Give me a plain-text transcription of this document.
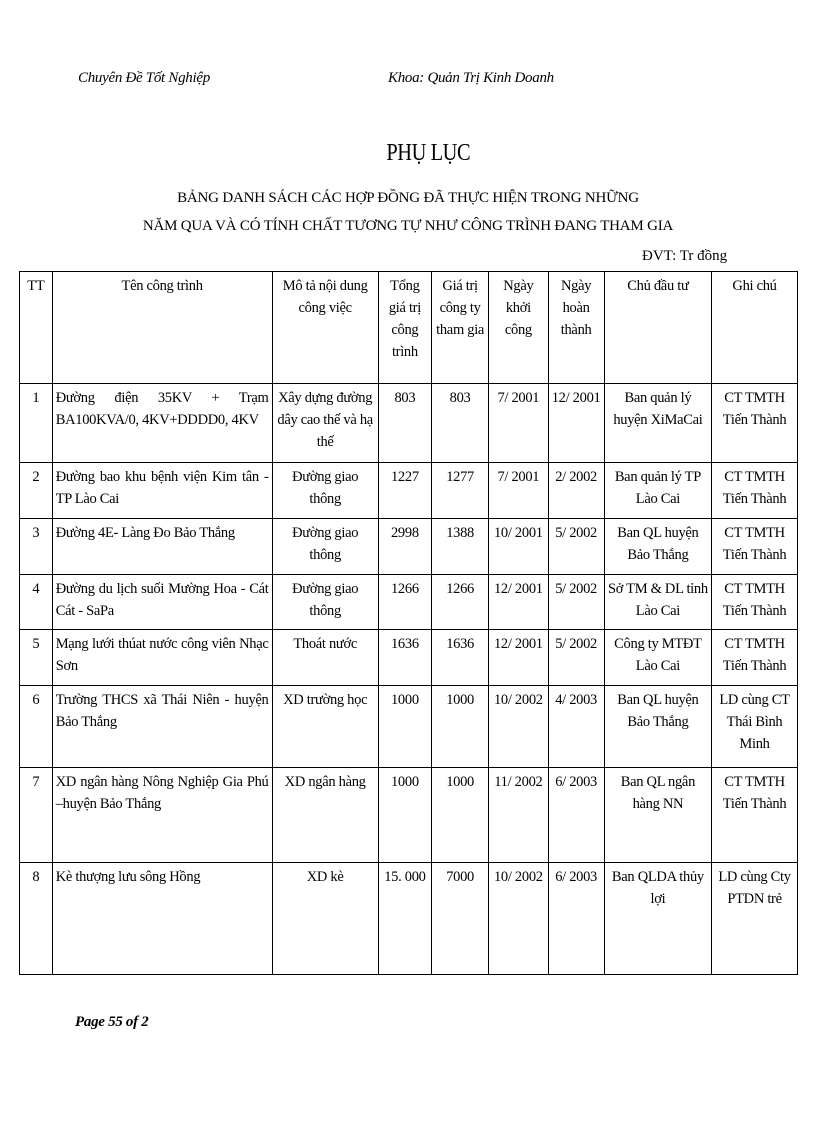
Chuyên Đề Tốt Nghiệp	Khoa: Quản Trị Kinh Doanh
PHỤ LỤC
BẢNG DANH SÁCH CÁC HỢP ĐỒNG ĐÃ THỰC HIỆN TRONG NHỮNG
NĂM QUA VÀ CÓ TÍNH CHẤT TƯƠNG TỰ NHƯ CÔNG TRÌNH ĐANG THAM GIA
ĐVT: Tr đồng
TT	Tên công trình	Mô tả nội dung công việc	Tổng giá trị công trình	Giá trị công ty tham gia	Ngày khởi công	Ngày hoàn thành	Chủ đầu tư	Ghi chú
1	Đường điện 35KV + Trạm BA100KVA/0, 4KV+DDDD0, 4KV	Xây dựng đường dây cao thế và hạ thế	803	803	7/ 2001	12/ 2001	Ban quản lý huyện XiMaCai	CT TMTH Tiến Thành
2	Đường bao khu bệnh viện Kim tân - TP Lào Cai	Đường giao thông	1227	1277	7/ 2001	2/ 2002	Ban quản lý TP Lào Cai	CT TMTH Tiến Thành
3	Đường 4E- Làng Đo Bảo Thắng	Đường giao thông	2998	1388	10/ 2001	5/ 2002	Ban QL huyện Bảo Thắng	CT TMTH Tiến Thành
4	Đường du lịch suối Mường Hoa - Cát Cát - SaPa	Đường giao thông	1266	1266	12/ 2001	5/ 2002	Sở TM & DL tỉnh Lào Cai	CT TMTH Tiến Thành
5	Mạng lưới thúat nước công viên Nhạc Sơn	Thoát nước	1636	1636	12/ 2001	5/ 2002	Công ty MTĐT Lào Cai	CT TMTH Tiến Thành
6	Trường THCS xã Thái Niên - huyện Bảo Thắng	XD trường học	1000	1000	10/ 2002	4/ 2003	Ban QL huyện Bảo Thắng	LD cùng CT Thái Bình Minh
7	XD ngân hàng Nông Nghiệp Gia Phú –huyện Bảo Thắng	XD ngân hàng	1000	1000	11/ 2002	6/ 2003	Ban QL ngân hàng NN	CT TMTH Tiến Thành
8	Kè thượng lưu sông Hồng	XD kè	15. 000	7000	10/ 2002	6/ 2003	Ban QLDA thủy lợi	LD cùng Cty PTDN trẻ
Page 55 of 2
